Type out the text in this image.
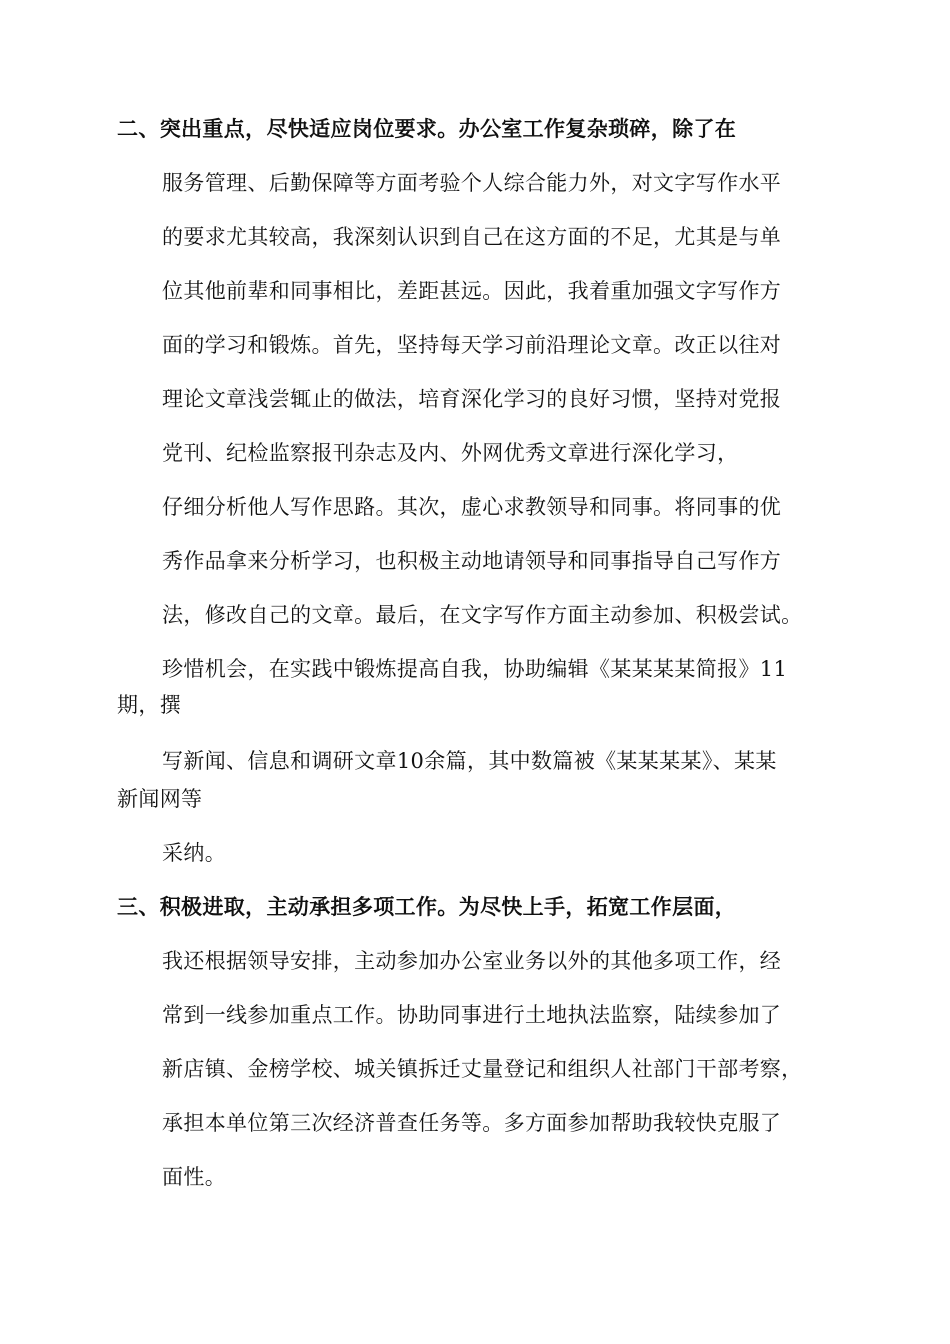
二、突出重点，尽快适应岗位要求。办公室工作复杂琐碎，除了在
服务管理、后勤保障等方面考验个人综合能力外，对文字写作水平
的要求尤其较高，我深刻认识到自己在这方面的不足，尤其是与单
位其他前辈和同事相比，差距甚远。因此，我着重加强文字写作方
面的学习和锻炼。首先，坚持每天学习前沿理论文章。改正以往对
理论文章浅尝辄止的做法，培育深化学习的良好习惯，坚持对党报
党刊、纪检监察报刊杂志及内、外网优秀文章进行深化学习，
仔细分析他人写作思路。其次，虚心求教领导和同事。将同事的优
秀作品拿来分析学习，也积极主动地请领导和同事指导自己写作方
法，修改自己的文章。最后，在文字写作方面主动参加、积极尝试。
珍惜机会，在实践中锻炼提高自我，协助编辑《某某某某简报》11
期，撰
写新闻、信息和调研文章10余篇，其中数篇被《某某某某》、某某
新闻网等
采纳。
三、积极进取，主动承担多项工作。为尽快上手，拓宽工作层面，
我还根据领导安排，主动参加办公室业务以外的其他多项工作，经
常到一线参加重点工作。协助同事进行土地执法监察，陆续参加了
新店镇、金榜学校、城关镇拆迁丈量登记和组织人社部门干部考察，
承担本单位第三次经济普查任务等。多方面参加帮助我较快克服了
面性。
